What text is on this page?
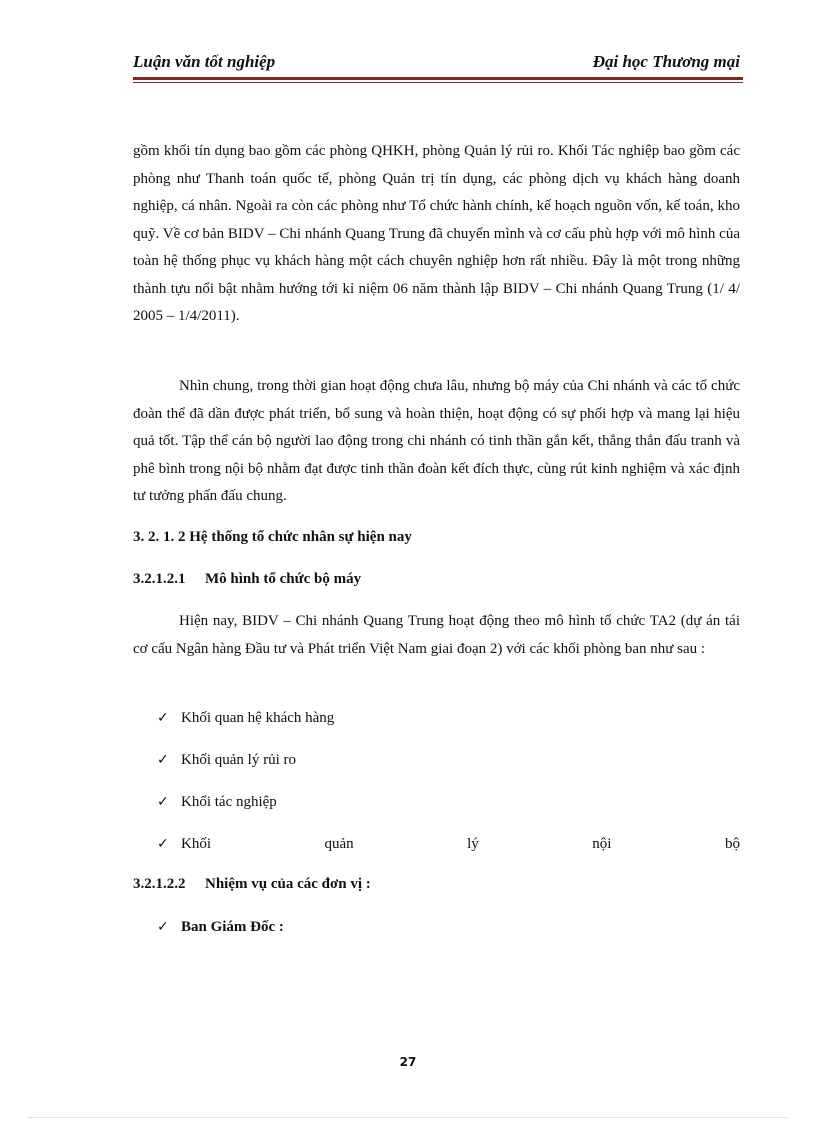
Luận văn tốt nghiệp	Đại học Thương mại

gồm khối tín dụng bao gồm các phòng QHKH, phòng Quản lý rủi ro. Khối Tác nghiệp bao gồm các phòng như Thanh toán quốc tế, phòng Quản trị tín dụng, các phòng dịch vụ khách hàng doanh nghiệp, cá nhân. Ngoài ra còn các phòng như Tổ chức hành chính, kế hoạch nguồn vốn, kế toán, kho quỹ. Về cơ bản BIDV – Chi nhánh Quang Trung đã chuyển mình và cơ cấu phù hợp với mô hình của toàn hệ thống phục vụ khách hàng một cách chuyên nghiệp hơn rất nhiều. Đây là một trong những thành tựu nổi bật nhằm hướng tới kỉ niệm 06 năm thành lập BIDV – Chi nhánh Quang Trung (1/ 4/ 2005 – 1/4/2011).

Nhìn chung, trong thời gian hoạt động chưa lâu, nhưng bộ máy của Chi nhánh và các tổ chức đoàn thể đã dần được phát triển, bổ sung và hoàn thiện, hoạt động có sự phối hợp và mang lại hiệu quả tốt. Tập thể cán bộ người lao động trong chi nhánh có tinh thần gắn kết, thẳng thắn đấu tranh và phê bình trong nội bộ nhằm đạt được tinh thần đoàn kết đích thực, cùng rút kinh nghiệm và xác định tư tưởng phấn đấu chung.

3. 2. 1. 2 Hệ thống tổ chức nhân sự hiện nay
3.2.1.2.1 Mô hình tổ chức bộ máy

Hiện nay, BIDV – Chi nhánh Quang Trung hoạt động theo mô hình tổ chức TA2 (dự án tái cơ cấu Ngân hàng Đầu tư và Phát triển Việt Nam giai đoạn 2) với các khối phòng ban như sau :

✓ Khối quan hệ khách hàng
✓ Khối quản lý rủi ro
✓ Khối tác nghiệp
✓ Khối	quản	lý	nội	bộ
3.2.1.2.2 Nhiệm vụ của các đơn vị :
✓ Ban Giám Đốc :
27
